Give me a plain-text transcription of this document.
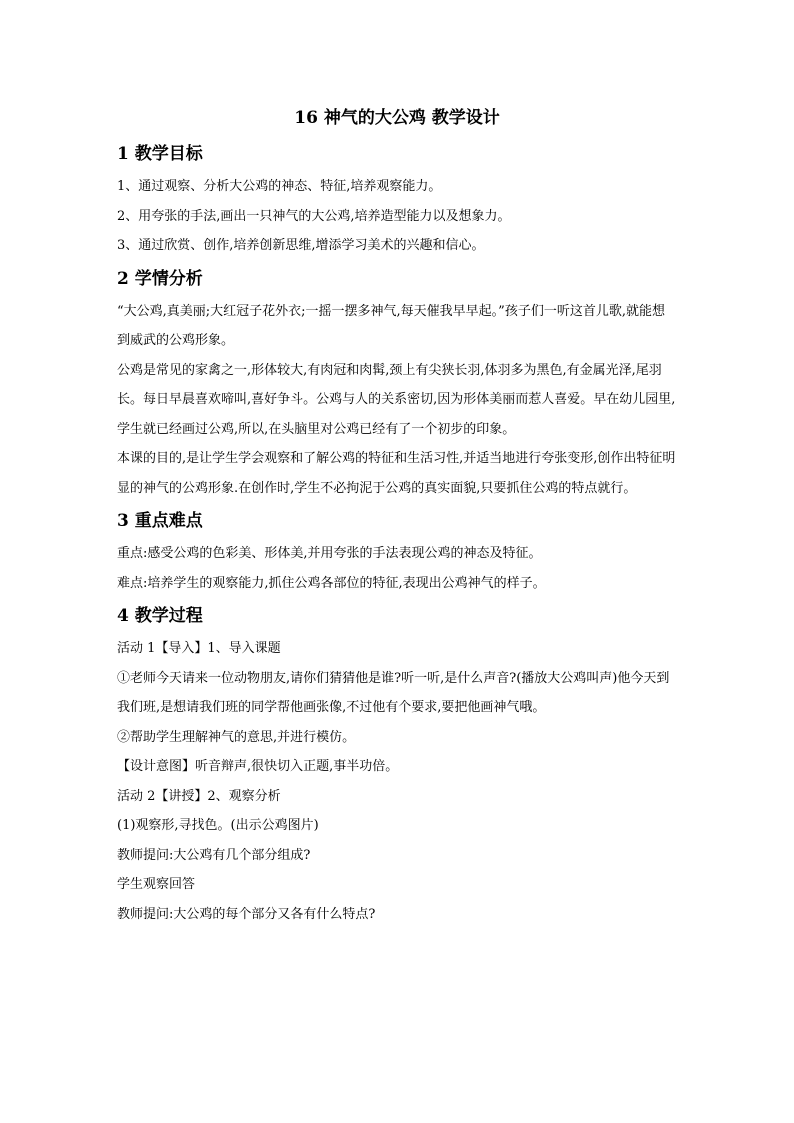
16 神气的大公鸡 教学设计
1 教学目标

1、通过观察、分析大公鸡的神态、特征,培养观察能力。

2、用夸张的手法,画出一只神气的大公鸡,培养造型能力以及想象力。

3、通过欣赏、创作,培养创新思维,增添学习美术的兴趣和信心。

2 学情分析

“大公鸡,真美丽;大红冠子花外衣;一摇一摆多神气,每天催我早早起。”孩子们一听这首儿歌,就能想到威武的公鸡形象。

公鸡是常见的家禽之一,形体较大,有肉冠和肉髯,颈上有尖狭长羽,体羽多为黑色,有金属光泽,尾羽长。每日早晨喜欢啼叫,喜好争斗。公鸡与人的关系密切,因为形体美丽而惹人喜爱。早在幼儿园里,学生就已经画过公鸡,所以,在头脑里对公鸡已经有了一个初步的印象。

本课的目的,是让学生学会观察和了解公鸡的特征和生活习性,并适当地进行夸张变形,创作出特征明显的神气的公鸡形象.在创作时,学生不必拘泥于公鸡的真实面貌,只要抓住公鸡的特点就行。

3 重点难点

重点:感受公鸡的色彩美、形体美,并用夸张的手法表现公鸡的神态及特征。

难点:培养学生的观察能力,抓住公鸡各部位的特征,表现出公鸡神气的样子。

4 教学过程

活动 1【导入】1、导入课题

①老师今天请来一位动物朋友,请你们猜猜他是谁?听一听,是什么声音?(播放大公鸡叫声)他今天到我们班,是想请我们班的同学帮他画张像,不过他有个要求,要把他画神气哦。

②帮助学生理解神气的意思,并进行模仿。

【设计意图】听音辩声,很快切入正题,事半功倍。

活动 2【讲授】2、观察分析

(1)观察形,寻找色。(出示公鸡图片)

教师提问:大公鸡有几个部分组成?

学生观察回答

教师提问:大公鸡的每个部分又各有什么特点?
